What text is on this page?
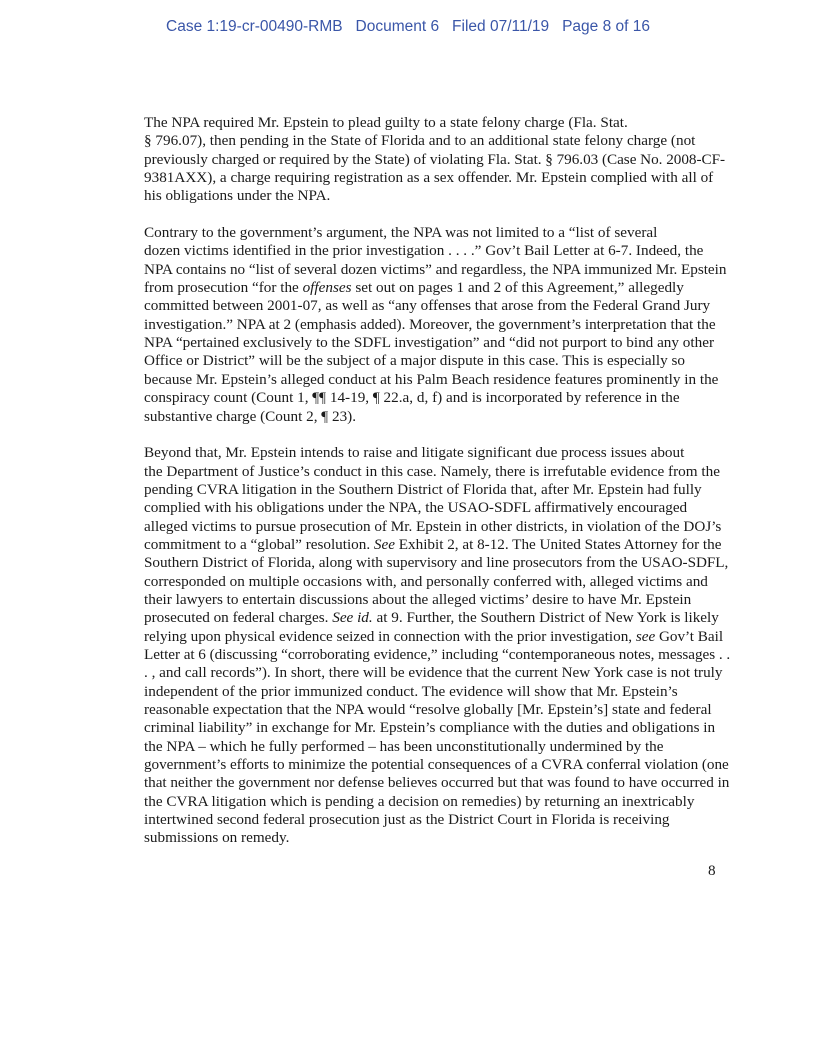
Case 1:19-cr-00490-RMB Document 6 Filed 07/11/19 Page 8 of 16

The NPA required Mr. Epstein to plead guilty to a state felony charge (Fla. Stat.
§ 796.07), then pending in the State of Florida and to an additional state felony charge (not
previously charged or required by the State) of violating Fla. Stat. § 796.03 (Case No. 2008-CF-
9381AXX), a charge requiring registration as a sex offender. Mr. Epstein complied with all of
his obligations under the NPA.

Contrary to the government’s argument, the NPA was not limited to a “list of several
dozen victims identified in the prior investigation . . . .” Gov’t Bail Letter at 6-7. Indeed, the
NPA contains no “list of several dozen victims” and regardless, the NPA immunized Mr. Epstein
from prosecution “for the offenses set out on pages 1 and 2 of this Agreement,” allegedly
committed between 2001-07, as well as “any offenses that arose from the Federal Grand Jury
investigation.” NPA at 2 (emphasis added). Moreover, the government’s interpretation that the
NPA “pertained exclusively to the SDFL investigation” and “did not purport to bind any other
Office or District” will be the subject of a major dispute in this case. This is especially so
because Mr. Epstein’s alleged conduct at his Palm Beach residence features prominently in the
conspiracy count (Count 1, ¶¶ 14-19, ¶ 22.a, d, f) and is incorporated by reference in the
substantive charge (Count 2, ¶ 23).

Beyond that, Mr. Epstein intends to raise and litigate significant due process issues about
the Department of Justice’s conduct in this case. Namely, there is irrefutable evidence from the
pending CVRA litigation in the Southern District of Florida that, after Mr. Epstein had fully
complied with his obligations under the NPA, the USAO-SDFL affirmatively encouraged
alleged victims to pursue prosecution of Mr. Epstein in other districts, in violation of the DOJ’s
commitment to a “global” resolution. See Exhibit 2, at 8-12. The United States Attorney for the
Southern District of Florida, along with supervisory and line prosecutors from the USAO-SDFL,
corresponded on multiple occasions with, and personally conferred with, alleged victims and
their lawyers to entertain discussions about the alleged victims’ desire to have Mr. Epstein
prosecuted on federal charges. See id. at 9. Further, the Southern District of New York is likely
relying upon physical evidence seized in connection with the prior investigation, see Gov’t Bail
Letter at 6 (discussing “corroborating evidence,” including “contemporaneous notes, messages . .
. , and call records”). In short, there will be evidence that the current New York case is not truly
independent of the prior immunized conduct. The evidence will show that Mr. Epstein’s
reasonable expectation that the NPA would “resolve globally [Mr. Epstein’s] state and federal
criminal liability” in exchange for Mr. Epstein’s compliance with the duties and obligations in
the NPA – which he fully performed – has been unconstitutionally undermined by the
government’s efforts to minimize the potential consequences of a CVRA conferral violation (one
that neither the government nor defense believes occurred but that was found to have occurred in
the CVRA litigation which is pending a decision on remedies) by returning an inextricably
intertwined second federal prosecution just as the District Court in Florida is receiving
submissions on remedy.

8
